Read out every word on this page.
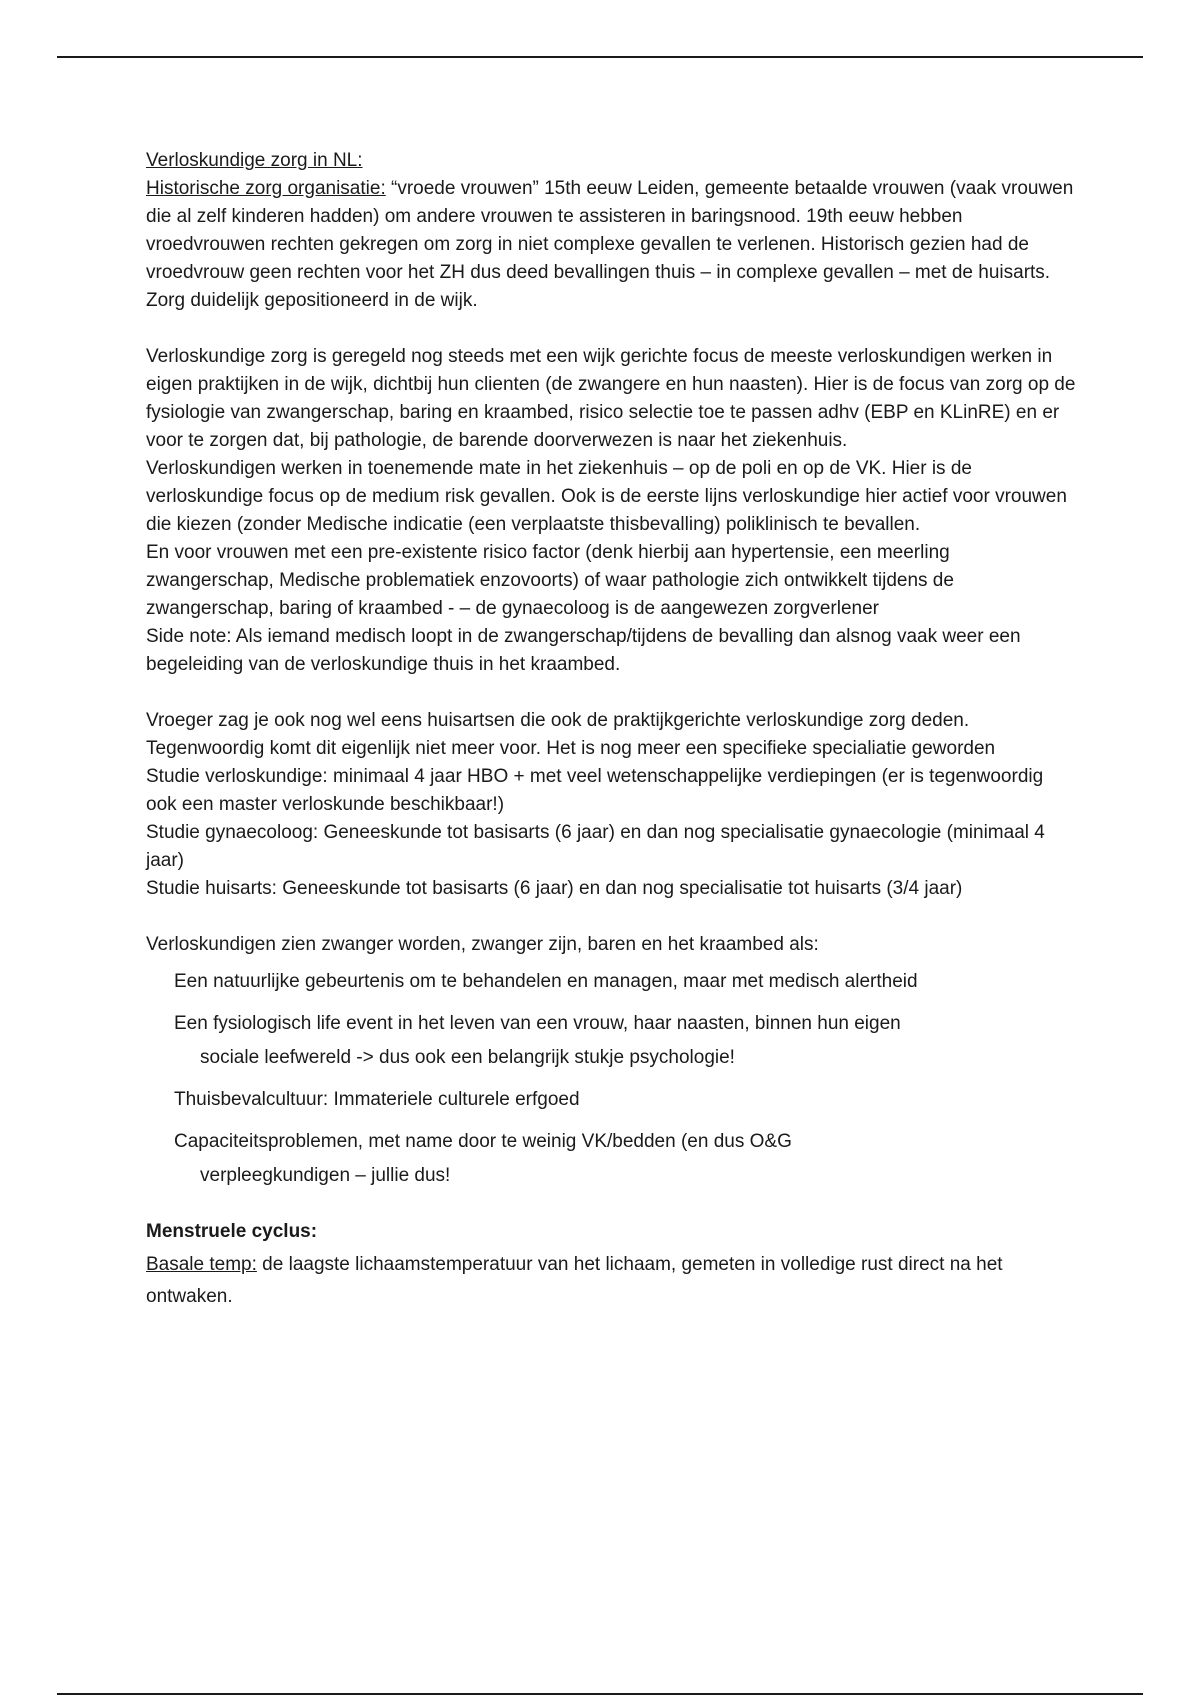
Verloskundige zorg in NL:

Historische zorg organisatie: “vroede vrouwen” 15th eeuw Leiden, gemeente betaalde vrouwen (vaak vrouwen die al zelf kinderen hadden) om andere vrouwen te assisteren in baringsnood. 19th eeuw hebben vroedvrouwen rechten gekregen om zorg in niet complexe gevallen te verlenen. Historisch gezien had de vroedvrouw geen rechten voor het ZH dus deed bevallingen thuis – in complexe gevallen – met de huisarts. Zorg duidelijk gepositioneerd in de wijk.

Verloskundige zorg is geregeld nog steeds met een wijk gerichte focus de meeste verloskundigen werken in eigen praktijken in de wijk, dichtbij hun clienten (de zwangere en hun naasten). Hier is de focus van zorg op de fysiologie van zwangerschap, baring en kraambed, risico selectie toe te passen adhv (EBP en KLinRE) en er voor te zorgen dat, bij pathologie, de barende doorverwezen is naar het ziekenhuis.

Verloskundigen werken in toenemende mate in het ziekenhuis – op de poli en op de VK. Hier is de verloskundige focus op de medium risk gevallen. Ook is de eerste lijns verloskundige hier actief voor vrouwen die kiezen (zonder Medische indicatie (een verplaatste thisbevalling) poliklinisch te bevallen.

En voor vrouwen met een pre-existente risico factor (denk hierbij aan hypertensie, een meerling zwangerschap, Medische problematiek enzovoorts) of waar pathologie zich ontwikkelt tijdens de zwangerschap, baring of kraambed - – de gynaecoloog is de aangewezen zorgverlener

Side note: Als iemand medisch loopt in de zwangerschap/tijdens de bevalling dan alsnog vaak weer een begeleiding van de verloskundige thuis in het kraambed.

Vroeger zag je ook nog wel eens huisartsen die ook de praktijkgerichte verloskundige zorg deden. Tegenwoordig komt dit eigenlijk niet meer voor. Het is nog meer een specifieke specialiatie geworden

Studie verloskundige: minimaal 4 jaar HBO + met veel wetenschappelijke verdiepingen (er is tegenwoordig ook een master verloskunde beschikbaar!)

Studie gynaecoloog: Geneeskunde tot basisarts (6 jaar) en dan nog specialisatie gynaecologie (minimaal 4 jaar)

Studie huisarts: Geneeskunde tot basisarts (6 jaar) en dan nog specialisatie tot huisarts (3/4 jaar)

Verloskundigen zien zwanger worden, zwanger zijn, baren en het kraambed als:

Een natuurlijke gebeurtenis om te behandelen en managen, maar met medisch alertheid
Een fysiologisch life event in het leven van een vrouw, haar naasten, binnen hun eigen
sociale leefwereld -> dus ook een belangrijk stukje psychologie!
Thuisbevalcultuur: Immateriele culturele erfgoed
Capaciteitsproblemen, met name door te weinig VK/bedden (en dus O&G
verpleegkundigen – jullie dus!

Menstruele cyclus:

Basale temp: de laagste lichaamstemperatuur van het lichaam, gemeten in volledige rust direct na het ontwaken.
